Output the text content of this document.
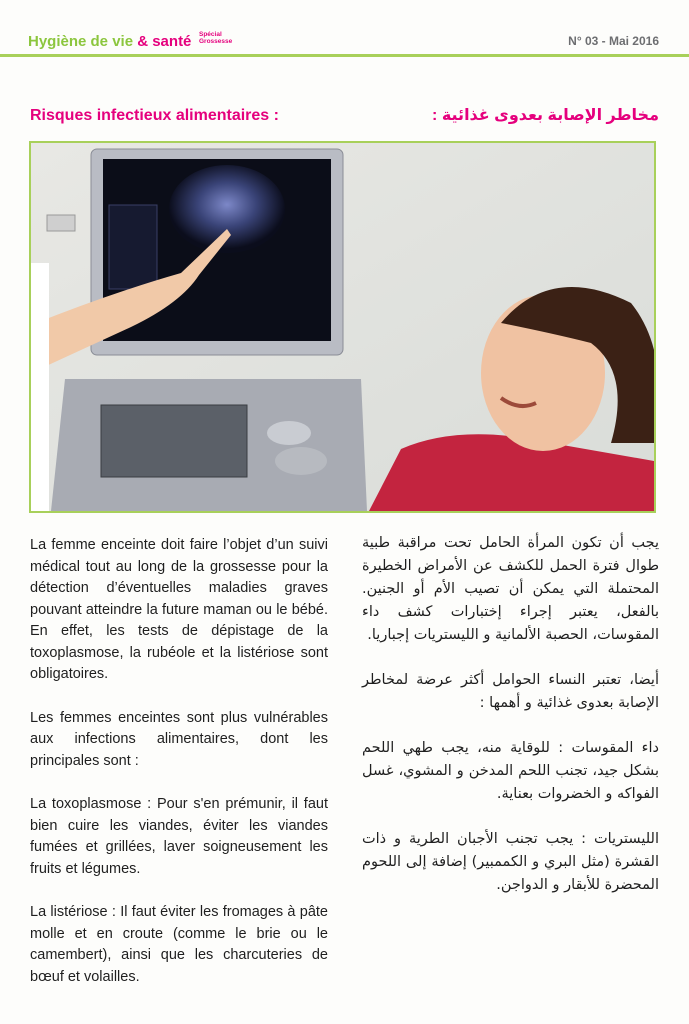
Hygiène de vie & santé Spécial
Grossesse	N° 03 - Mai 2016
Risques infectieux alimentaires :	مخاطر الإصابة بعدوى غذائية :

La femme enceinte doit faire l’objet d’un suivi médical tout au long de la grossesse pour la détection d’éventuelles maladies graves pouvant atteindre la future maman ou le bébé. En effet, les tests de dépistage de la toxoplasmose, la rubéole et la listériose sont obligatoires.

Les femmes enceintes sont plus vulnérables aux infections alimentaires, dont les principales sont :

La toxoplasmose : Pour s'en prémunir, il faut bien cuire les viandes, éviter les viandes fumées et grillées, laver soigneusement les fruits et légumes.

La listériose : Il faut éviter les fromages à pâte molle et en croute (comme le brie ou le camembert), ainsi que les charcuteries de bœuf et volailles.

يجب أن تكون المرأة الحامل تحت مراقبة طبية طوال فترة الحمل للكشف عن الأمراض الخطيرة المحتملة التي يمكن أن تصيب الأم أو الجنين. بالفعل، يعتبر إجراء إختبارات كشف داء المقوسات، الحصبة الألمانية و الليستريات إجباريا.

أيضا، تعتبر النساء الحوامل أكثر عرضة لمخاطر الإصابة بعدوى غذائية و أهمها :

داء المقوسات : للوقاية منه، يجب طهي اللحم بشكل جيد، تجنب اللحم المدخن و المشوي، غسل الفواكه و الخضروات بعناية.

الليستريات : يجب تجنب الأجبان الطرية و ذات القشرة (مثل البري و الكممبير) إضافة إلى اللحوم المحضرة للأبقار و الدواجن.
